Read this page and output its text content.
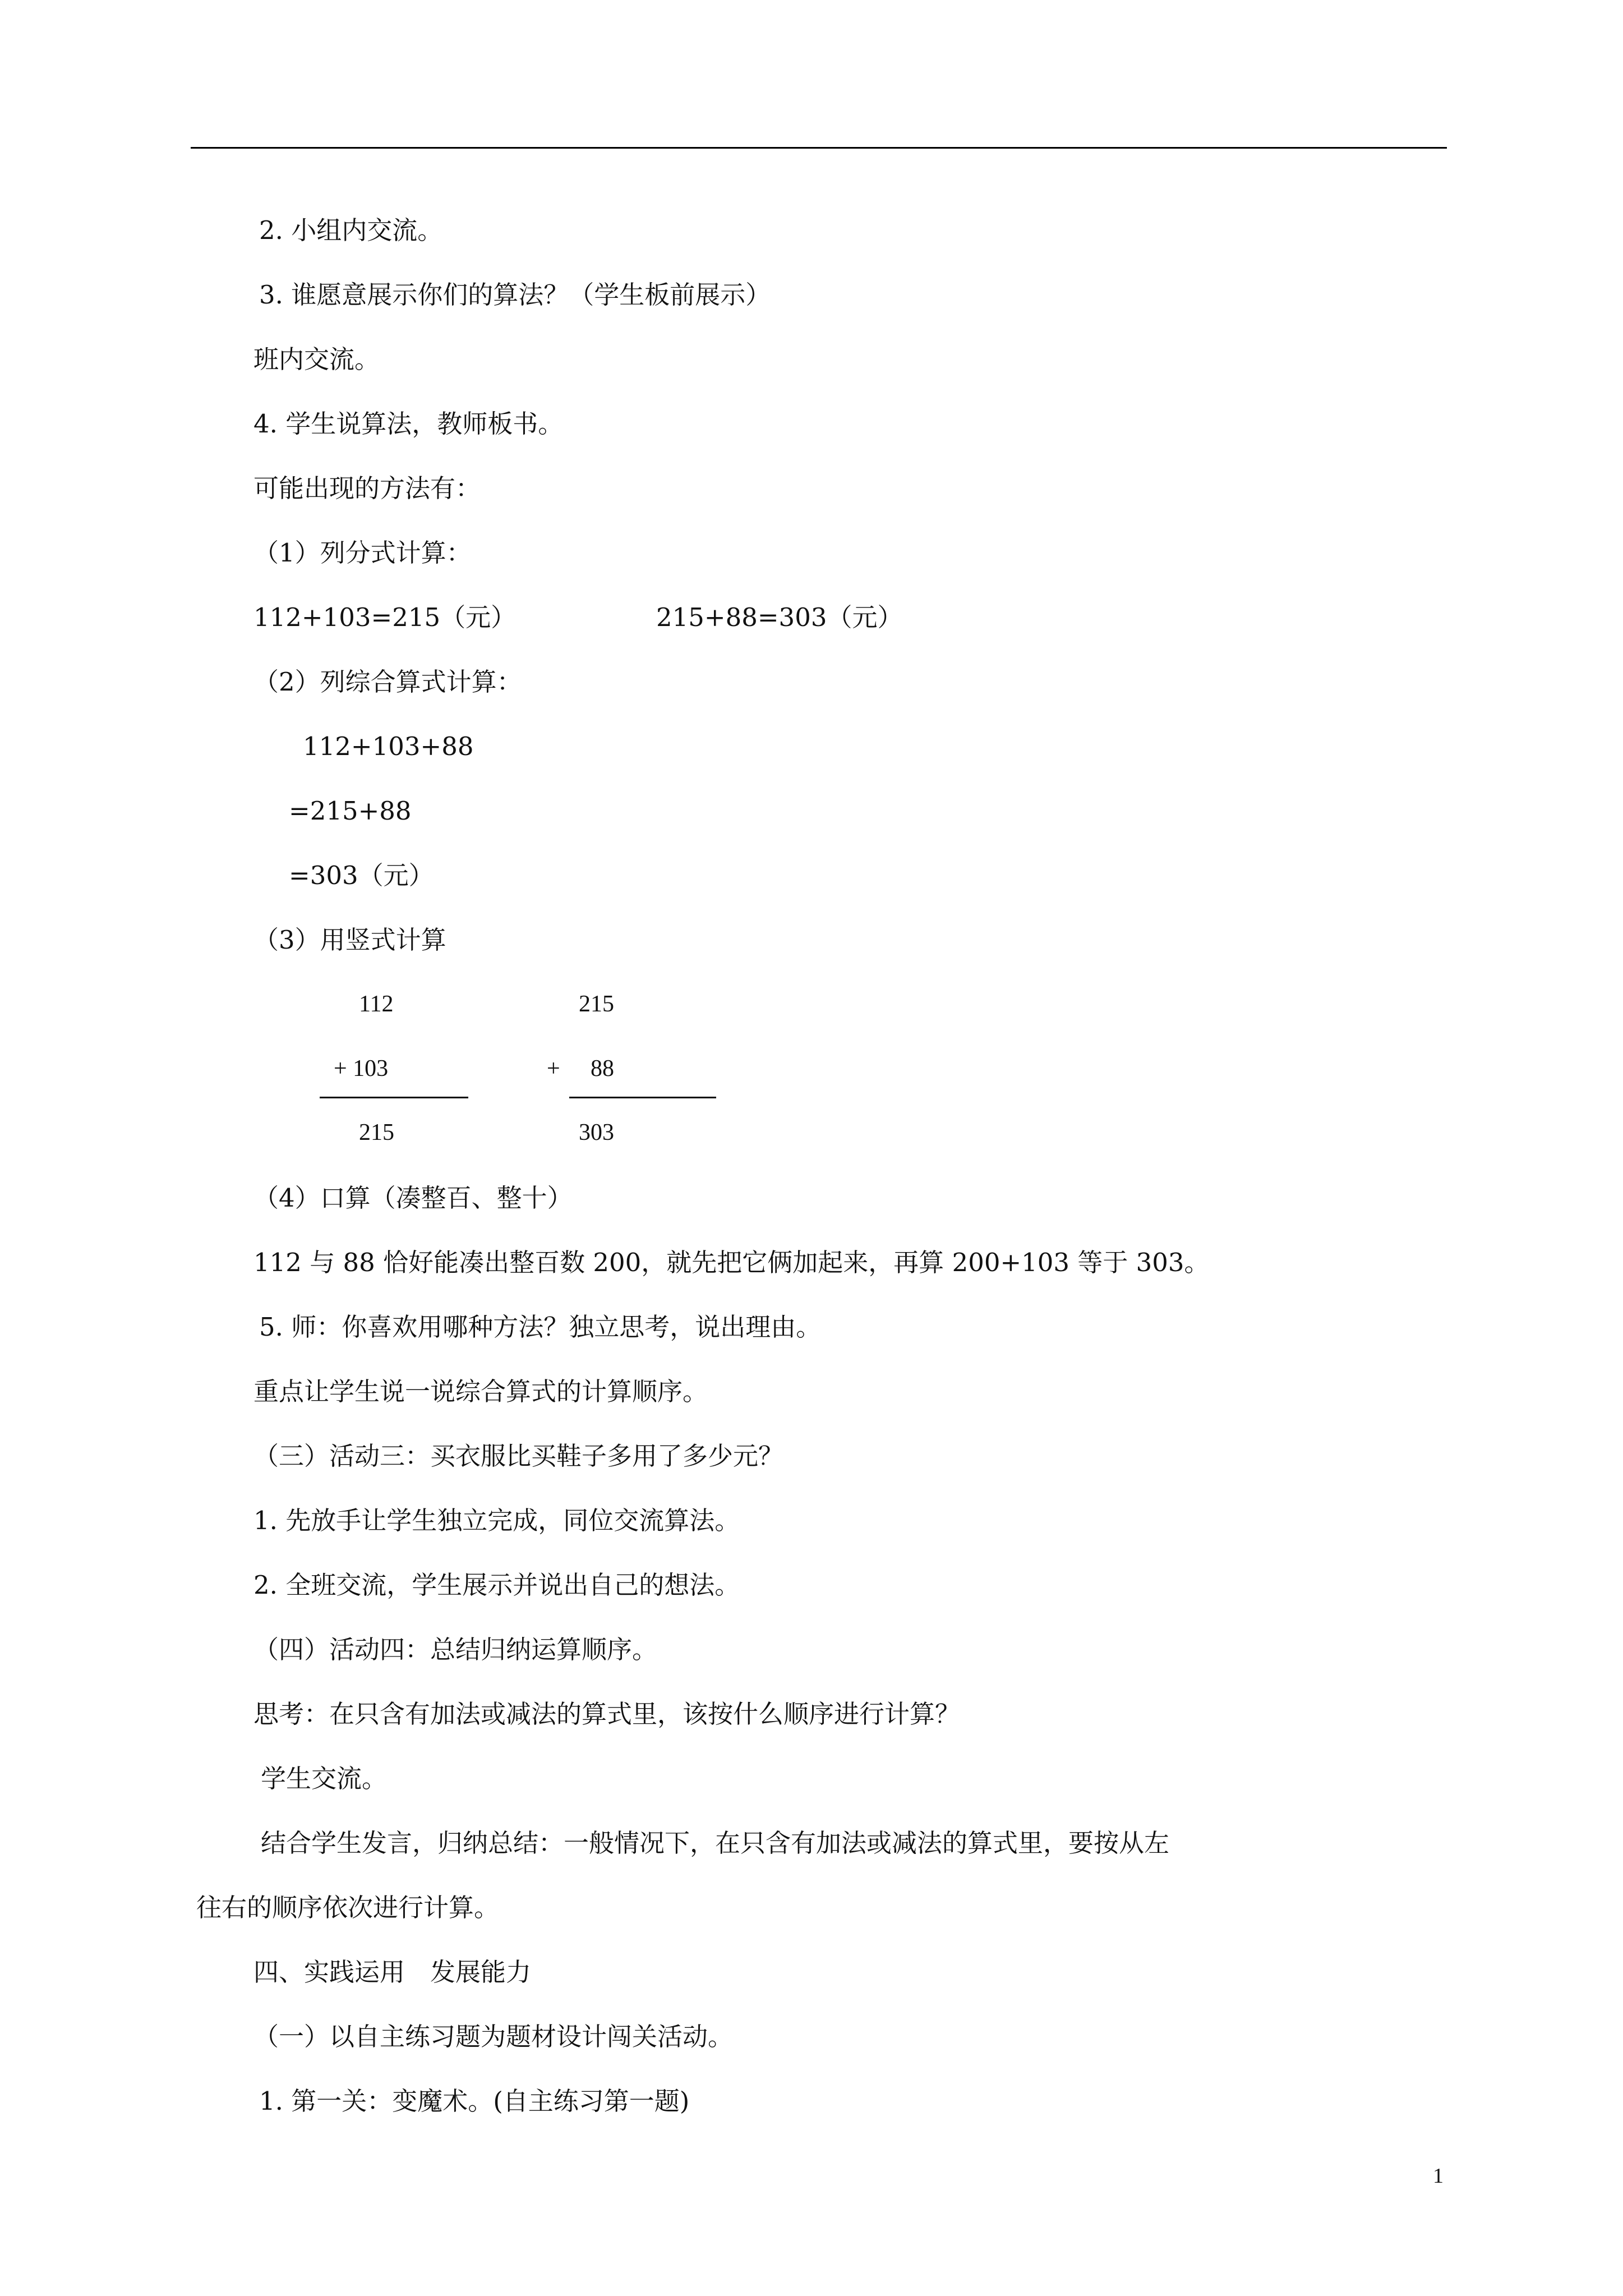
2. 小组内交流。
3. 谁愿意展示你们的算法？（学生板前展示）
班内交流。
4. 学生说算法，教师板书。
可能出现的方法有：
（1）列分式计算：
112+103=215（元）	215+88=303（元）
（2）列综合算式计算：
112+103+88
=215+88
=303（元）
（3）用竖式计算
112
+ 103
215
215
+ 88
303
（4）口算（凑整百、整十）
112 与 88 恰好能凑出整百数 200，就先把它俩加起来，再算 200+103 等于 303。
5. 师：你喜欢用哪种方法？独立思考，说出理由。
重点让学生说一说综合算式的计算顺序。
（三）活动三：买衣服比买鞋子多用了多少元？
1. 先放手让学生独立完成，同位交流算法。
2. 全班交流，学生展示并说出自己的想法。
（四）活动四：总结归纳运算顺序。
思考：在只含有加法或减法的算式里，该按什么顺序进行计算？
学生交流。
结合学生发言，归纳总结：一般情况下，在只含有加法或减法的算式里，要按从左
往右的顺序依次进行计算。
四、实践运用　发展能力
（一）以自主练习题为题材设计闯关活动。
1. 第一关：变魔术。(自主练习第一题)
1
